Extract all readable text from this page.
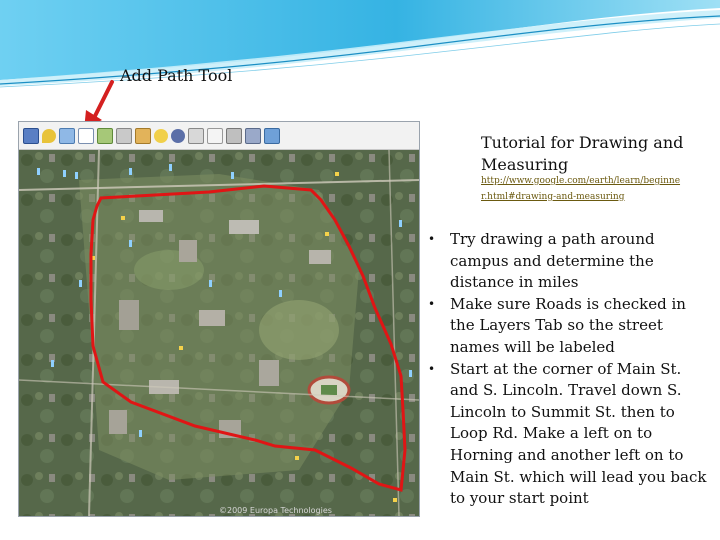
Add Path Tool
©2009 Europa Technologies
Tutorial for Drawing and Measuring
http://www.google.com/earth/learn/beginner.html#drawing-and-measuring
• Try drawing a path around campus and determine the distance in miles
• Make sure Roads is checked in the Layers Tab so the street names will be labeled
• Start at the corner of Main St. and S. Lincoln. Travel down S. Lincoln to Summit St. then to Loop Rd. Make a left on to Horning and another left on to Main St. which will lead you back to your start point
